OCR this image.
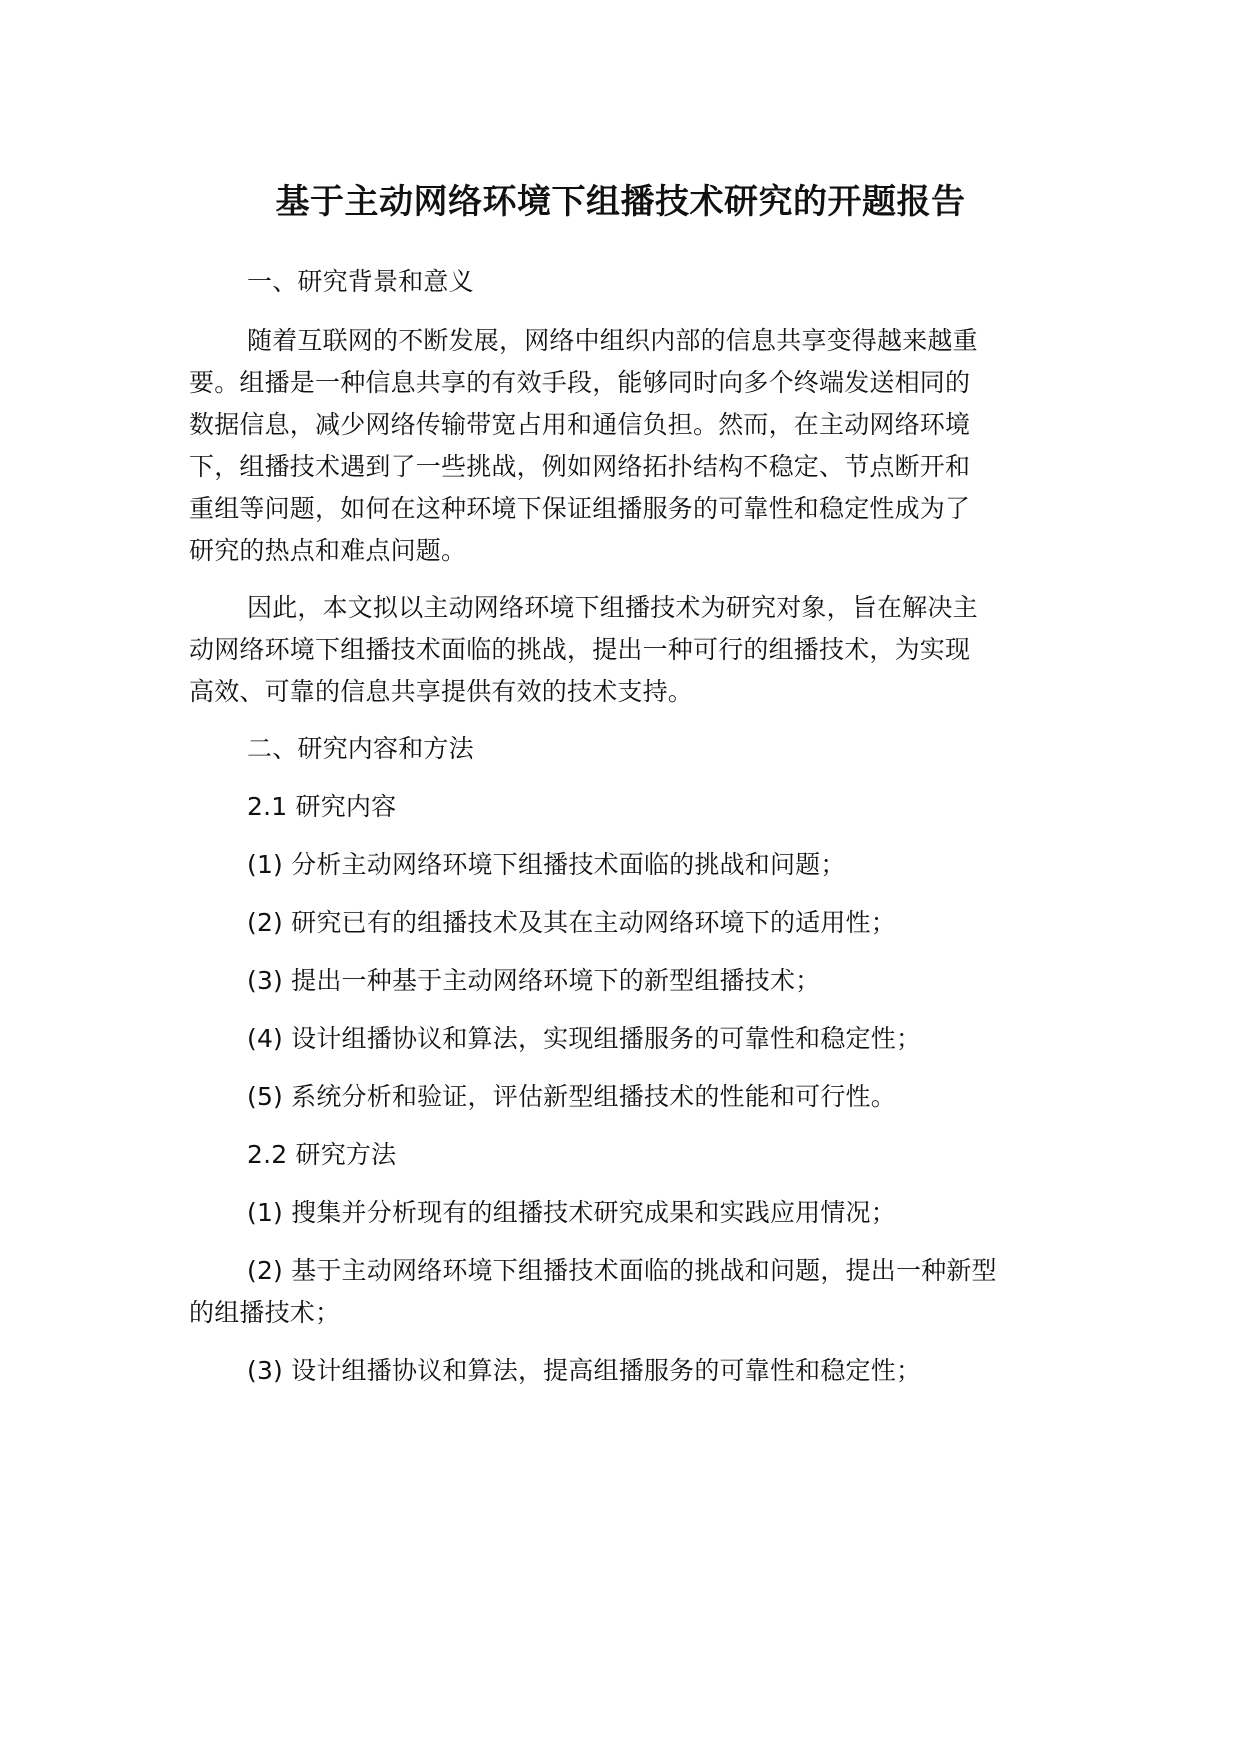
基于主动网络环境下组播技术研究的开题报告
一、研究背景和意义
随着互联网的不断发展，网络中组织内部的信息共享变得越来越重
要。组播是一种信息共享的有效手段，能够同时向多个终端发送相同的
数据信息，减少网络传输带宽占用和通信负担。然而，在主动网络环境
下，组播技术遇到了一些挑战，例如网络拓扑结构不稳定、节点断开和
重组等问题，如何在这种环境下保证组播服务的可靠性和稳定性成为了
研究的热点和难点问题。
因此，本文拟以主动网络环境下组播技术为研究对象，旨在解决主
动网络环境下组播技术面临的挑战，提出一种可行的组播技术，为实现
高效、可靠的信息共享提供有效的技术支持。
二、研究内容和方法
2.1 研究内容
(1) 分析主动网络环境下组播技术面临的挑战和问题；
(2) 研究已有的组播技术及其在主动网络环境下的适用性；
(3) 提出一种基于主动网络环境下的新型组播技术；
(4) 设计组播协议和算法，实现组播服务的可靠性和稳定性；
(5) 系统分析和验证，评估新型组播技术的性能和可行性。
2.2 研究方法
(1) 搜集并分析现有的组播技术研究成果和实践应用情况；
(2) 基于主动网络环境下组播技术面临的挑战和问题，提出一种新型
的组播技术；
(3) 设计组播协议和算法，提高组播服务的可靠性和稳定性；
